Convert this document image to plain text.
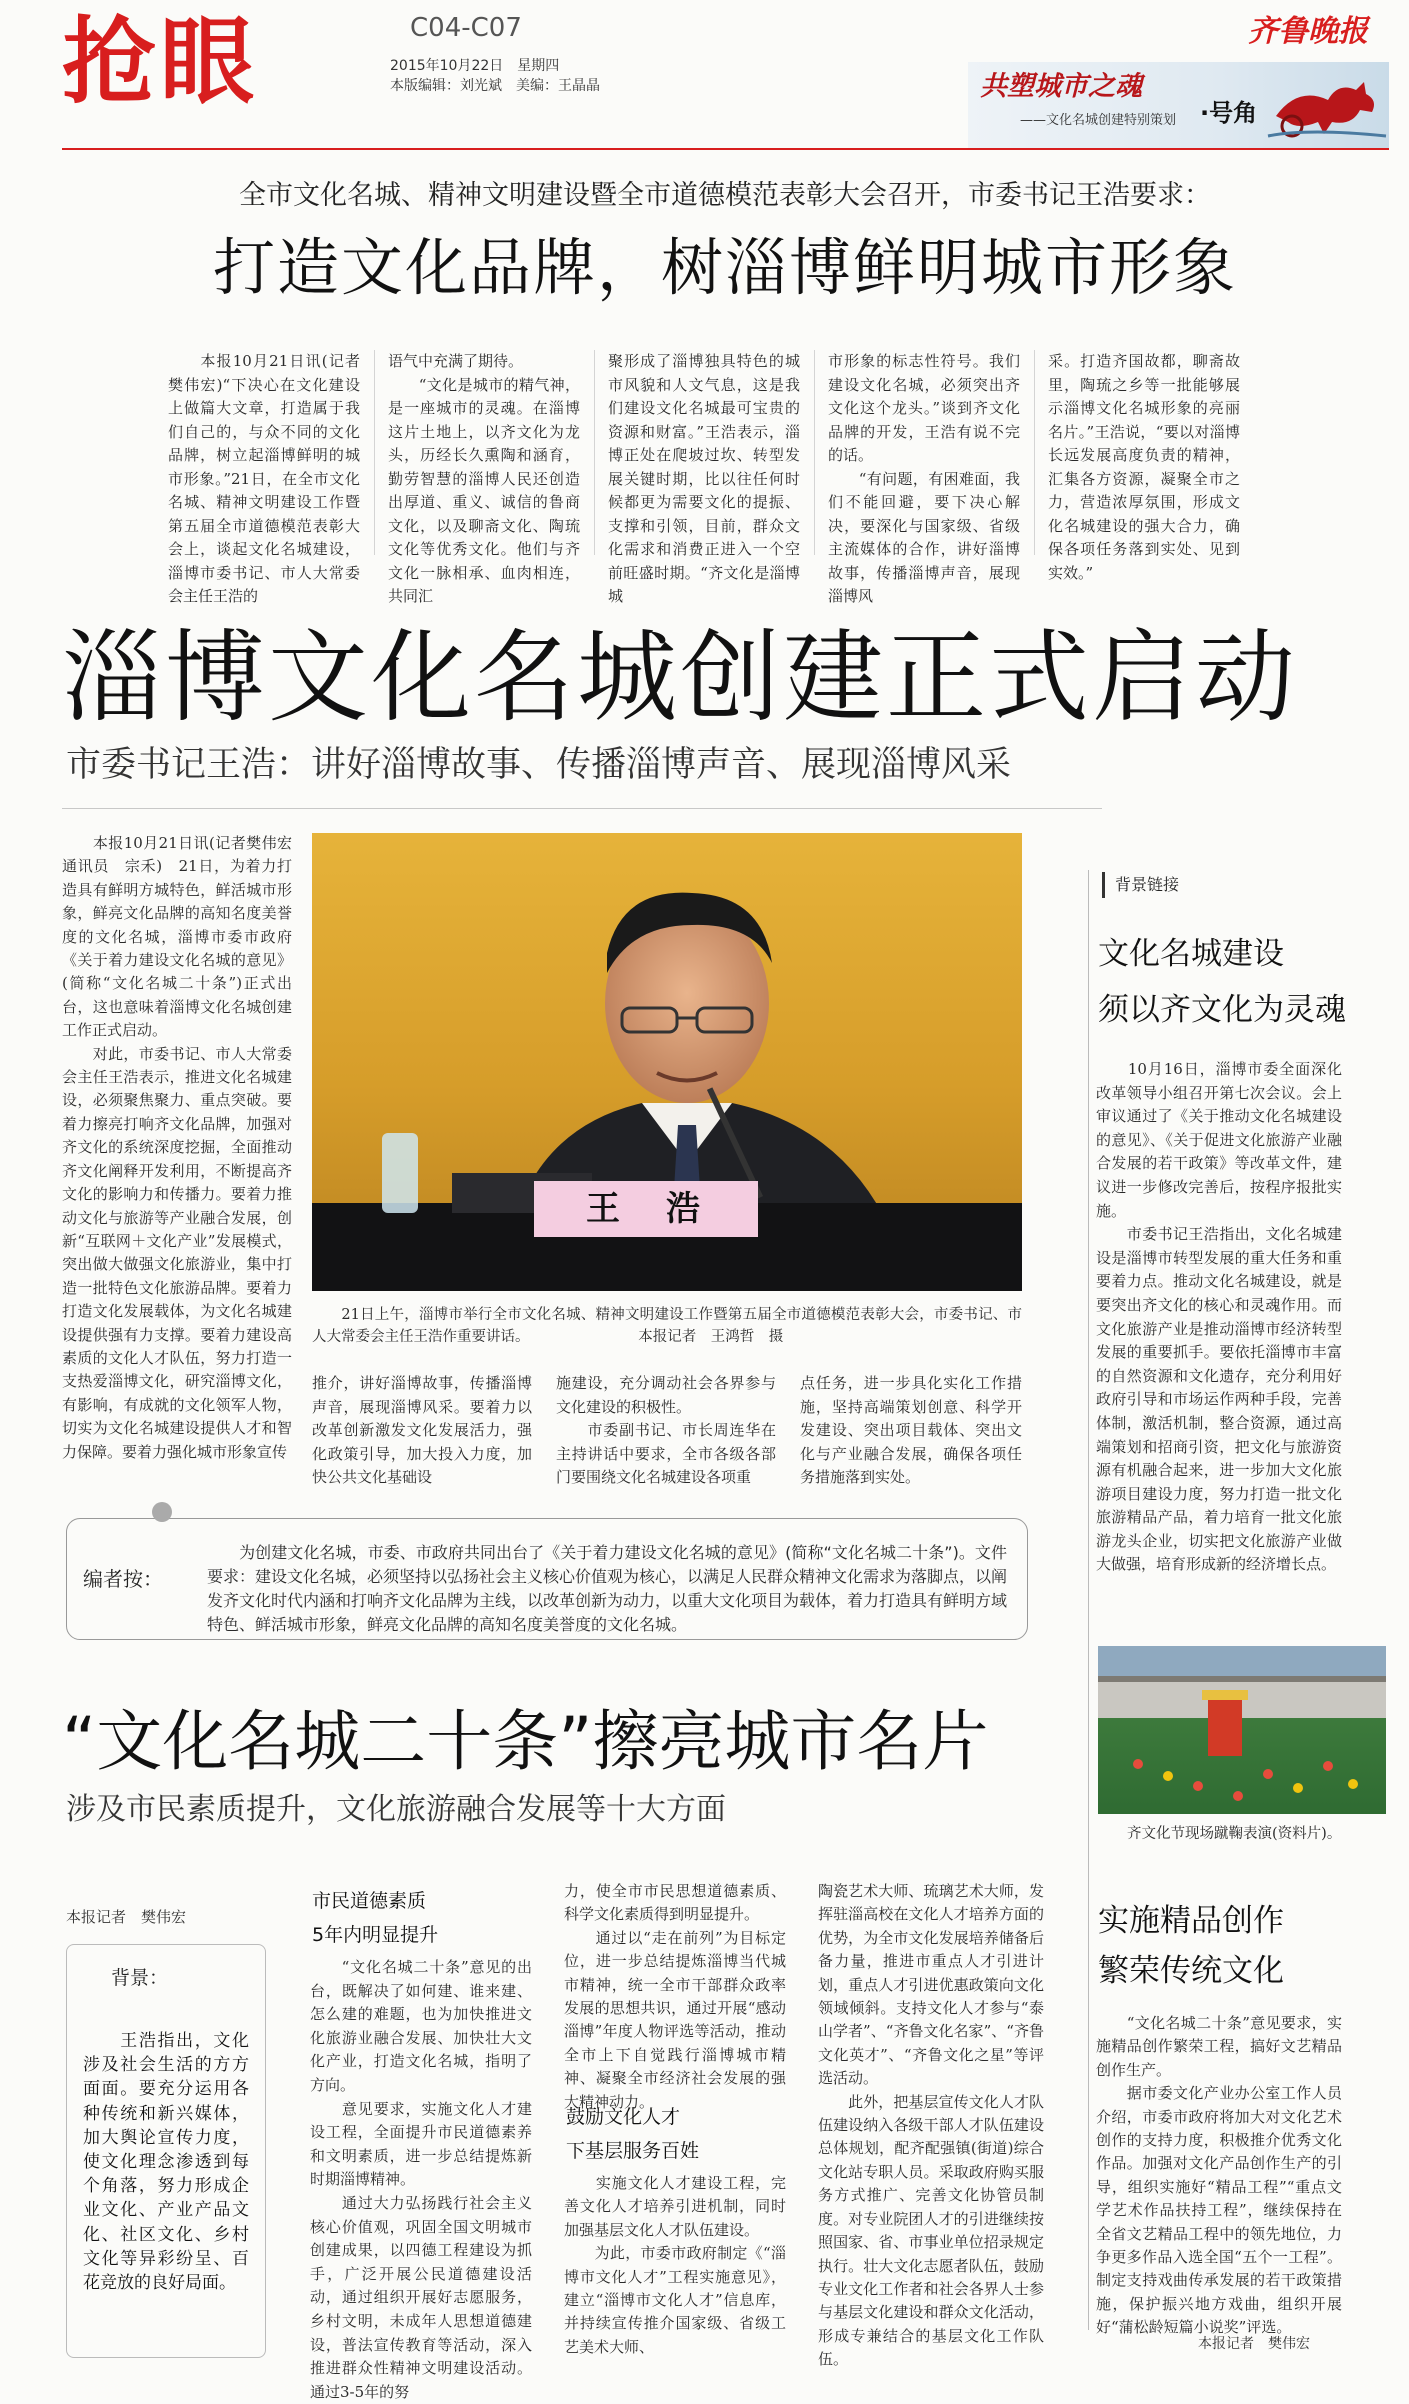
抢眼	C04-C07
2015年10月22日　星期四
本版编辑：刘光斌　美编：王晶晶
齐鲁晚报
共塑城市之魂
——文化名城创建特别策划 ·号角
全市文化名城、精神文明建设暨全市道德模范表彰大会召开，市委书记王浩要求：
打造文化品牌，树淄博鲜明城市形象
　　本报10月21日讯(记者樊伟宏)“下决心在文化建设上做篇大文章，打造属于我们自己的，与众不同的文化品牌，树立起淄博鲜明的城市形象。”21日，在全市文化名城、精神文明建设工作暨第五届全市道德模范表彰大会上，谈起文化名城建设，淄博市委书记、市人大常委会主任王浩的
语气中充满了期待。
　　“文化是城市的精气神，是一座城市的灵魂。在淄博这片土地上，以齐文化为龙头，历经长久熏陶和涵育，勤劳智慧的淄博人民还创造出厚道、重义、诚信的鲁商文化，以及聊斋文化、陶琉文化等优秀文化。他们与齐文化一脉相承、血肉相连，共同汇
聚形成了淄博独具特色的城市风貌和人文气息，这是我们建设文化名城最可宝贵的资源和财富。”王浩表示，淄博正处在爬坡过坎、转型发展关键时期，比以往任何时候都更为需要文化的提振、支撑和引领，目前，群众文化需求和消费正进入一个空前旺盛时期。“齐文化是淄博城
市形象的标志性符号。我们建设文化名城，必须突出齐文化这个龙头。”谈到齐文化品牌的开发，王浩有说不完的话。
　　“有问题，有困难面，我们不能回避，要下决心解决，要深化与国家级、省级主流媒体的合作，讲好淄博故事，传播淄博声音，展现淄博风
采。打造齐国故都，聊斋故里，陶琉之乡等一批能够展示淄博文化名城形象的亮丽名片。”王浩说，“要以对淄博长远发展高度负责的精神，汇集各方资源，凝聚全市之力，营造浓厚氛围，形成文化名城建设的强大合力，确保各项任务落到实处、见到实效。”
淄博文化名城创建正式启动
市委书记王浩：讲好淄博故事、传播淄博声音、展现淄博风采
　　本报10月21日讯(记者樊伟宏　通讯员　宗禾)　21日，为着力打造具有鲜明方城特色，鲜活城市形象，鲜亮文化品牌的高知名度美誉度的文化名城，淄博市委市政府《关于着力建设文化名城的意见》(简称“文化名城二十条”)正式出台，这也意味着淄博文化名城创建工作正式启动。
　　对此，市委书记、市人大常委会主任王浩表示，推进文化名城建设，必须聚焦聚力、重点突破。要着力擦亮打响齐文化品牌，加强对齐文化的系统深度挖掘，全面推动齐文化阐释开发利用，不断提高齐文化的影响力和传播力。要着力推动文化与旅游等产业融合发展，创新“互联网＋文化产业”发展模式，突出做大做强文化旅游业，集中打造一批特色文化旅游品牌。要着力打造文化发展载体，为文化名城建设提供强有力支撑。要着力建设高素质的文化人才队伍，努力打造一支热爱淄博文化，研究淄博文化，有影响，有成就的文化领军人物，切实为文化名城建设提供人才和智力保障。要着力强化城市形象宣传
王　浩
　　21日上午，淄博市举行全市文化名城、精神文明建设工作暨第五届全市道德模范表彰大会，市委书记、市人大常委会主任王浩作重要讲话。　　　　　　　　本报记者　王鸿哲　摄
推介，讲好淄博故事，传播淄博声音，展现淄博风采。要着力以改革创新激发文化发展活力，强化政策引导，加大投入力度，加快公共文化基础设
施建设，充分调动社会各界参与文化建设的积极性。
　　市委副书记、市长周连华在主持讲话中要求，全市各级各部门要围绕文化名城建设各项重
点任务，进一步具化实化工作措施，坚持高端策划创意、科学开发建设、突出项目载体、突出文化与产业融合发展，确保各项任务措施落到实处。
编者按：
　　为创建文化名城，市委、市政府共同出台了《关于着力建设文化名城的意见》(简称“文化名城二十条”)。文件要求：建设文化名城，必须坚持以弘扬社会主义核心价值观为核心，以满足人民群众精神文化需求为落脚点，以阐发齐文化时代内涵和打响齐文化品牌为主线，以改革创新为动力，以重大文化项目为载体，着力打造具有鲜明方域特色、鲜活城市形象，鲜亮文化品牌的高知名度美誉度的文化名城。
背景链接
文化名城建设
须以齐文化为灵魂
　　10月16日，淄博市委全面深化改革领导小组召开第七次会议。会上审议通过了《关于推动文化名城建设的意见》、《关于促进文化旅游产业融合发展的若干政策》等改革文件，建议进一步修改完善后，按程序报批实施。
　　市委书记王浩指出，文化名城建设是淄博市转型发展的重大任务和重要着力点。推动文化名城建设，就是要突出齐文化的核心和灵魂作用。而文化旅游产业是推动淄博市经济转型发展的重要抓手。要依托淄博市丰富的自然资源和文化遗存，充分利用好政府引导和市场运作两种手段，完善体制，激活机制，整合资源，通过高端策划和招商引资，把文化与旅游资源有机融合起来，进一步加大文化旅游项目建设力度，努力打造一批文化旅游精品产品，着力培育一批文化旅游龙头企业，切实把文化旅游产业做大做强，培育形成新的经济增长点。
　　齐文化节现场蹴鞠表演(资料片)。
实施精品创作
繁荣传统文化
　　“文化名城二十条”意见要求，实施精品创作繁荣工程，搞好文艺精品创作生产。
　　据市委文化产业办公室工作人员介绍，市委市政府将加大对文化艺术创作的支持力度，积极推介优秀文化作品。加强对文化产品创作生产的引导，组织实施好“精品工程”“重点文学艺术作品扶持工程”，继续保持在全省文艺精品工程中的领先地位，力争更多作品入选全国“五个一工程”。制定支持戏曲传承发展的若干政策措施，保护振兴地方戏曲，组织开展好“蒲松龄短篇小说奖”评选。
本报记者　樊伟宏
“文化名城二十条”擦亮城市名片
涉及市民素质提升，文化旅游融合发展等十大方面
本报记者　樊伟宏
背景：
　　王浩指出，文化涉及社会生活的方方面面。要充分运用各种传统和新兴媒体，加大舆论宣传力度，使文化理念渗透到每个角落，努力形成企业文化、产业产品文化、社区文化、乡村文化等异彩纷呈、百花竞放的良好局面。
市民道德素质
5年内明显提升
　　“文化名城二十条”意见的出台，既解决了如何建、谁来建、怎么建的难题，也为加快推进文化旅游业融合发展、加快壮大文化产业，打造文化名城，指明了方向。
　　意见要求，实施文化人才建设工程，全面提升市民道德素养和文明素质，进一步总结提炼新时期淄博精神。
　　通过大力弘扬践行社会主义核心价值观，巩固全国文明城市创建成果，以四德工程建设为抓手，广泛开展公民道德建设活动，通过组织开展好志愿服务，乡村文明，未成年人思想道德建设，普法宣传教育等活动，深入推进群众性精神文明建设活动。通过3-5年的努
力，使全市市民思想道德素质、科学文化素质得到明显提升。
　　通过以“走在前列”为目标定位，进一步总结提炼淄博当代城市精神，统一全市干部群众政率发展的思想共识，通过开展“感动淄博”年度人物评选等活动，推动全市上下自觉践行淄博城市精神、凝聚全市经济社会发展的强大精神动力。
鼓励文化人才
下基层服务百姓
　　实施文化人才建设工程，完善文化人才培养引进机制，同时加强基层文化人才队伍建设。
　　为此，市委市政府制定《“淄博市文化人才”工程实施意见》，建立“淄博市文化人才”信息库，并持续宣传推介国家级、省级工艺美术大师、
陶瓷艺术大师、琉璃艺术大师，发挥驻淄高校在文化人才培养方面的优势，为全市文化发展培养储备后备力量，推进市重点人才引进计划，重点人才引进优惠政策向文化领域倾斜。支持文化人才参与“泰山学者”、“齐鲁文化名家”、“齐鲁文化英才”、“齐鲁文化之星”等评选活动。
　　此外，把基层宣传文化人才队伍建设纳入各级干部人才队伍建设总体规划，配齐配强镇(街道)综合文化站专职人员。采取政府购买服务方式推广、完善文化协管员制度。对专业院团人才的引进继续按照国家、省、市事业单位招录规定执行。壮大文化志愿者队伍，鼓励专业文化工作者和社会各界人士参与基层文化建设和群众文化活动，形成专兼结合的基层文化工作队伍。
